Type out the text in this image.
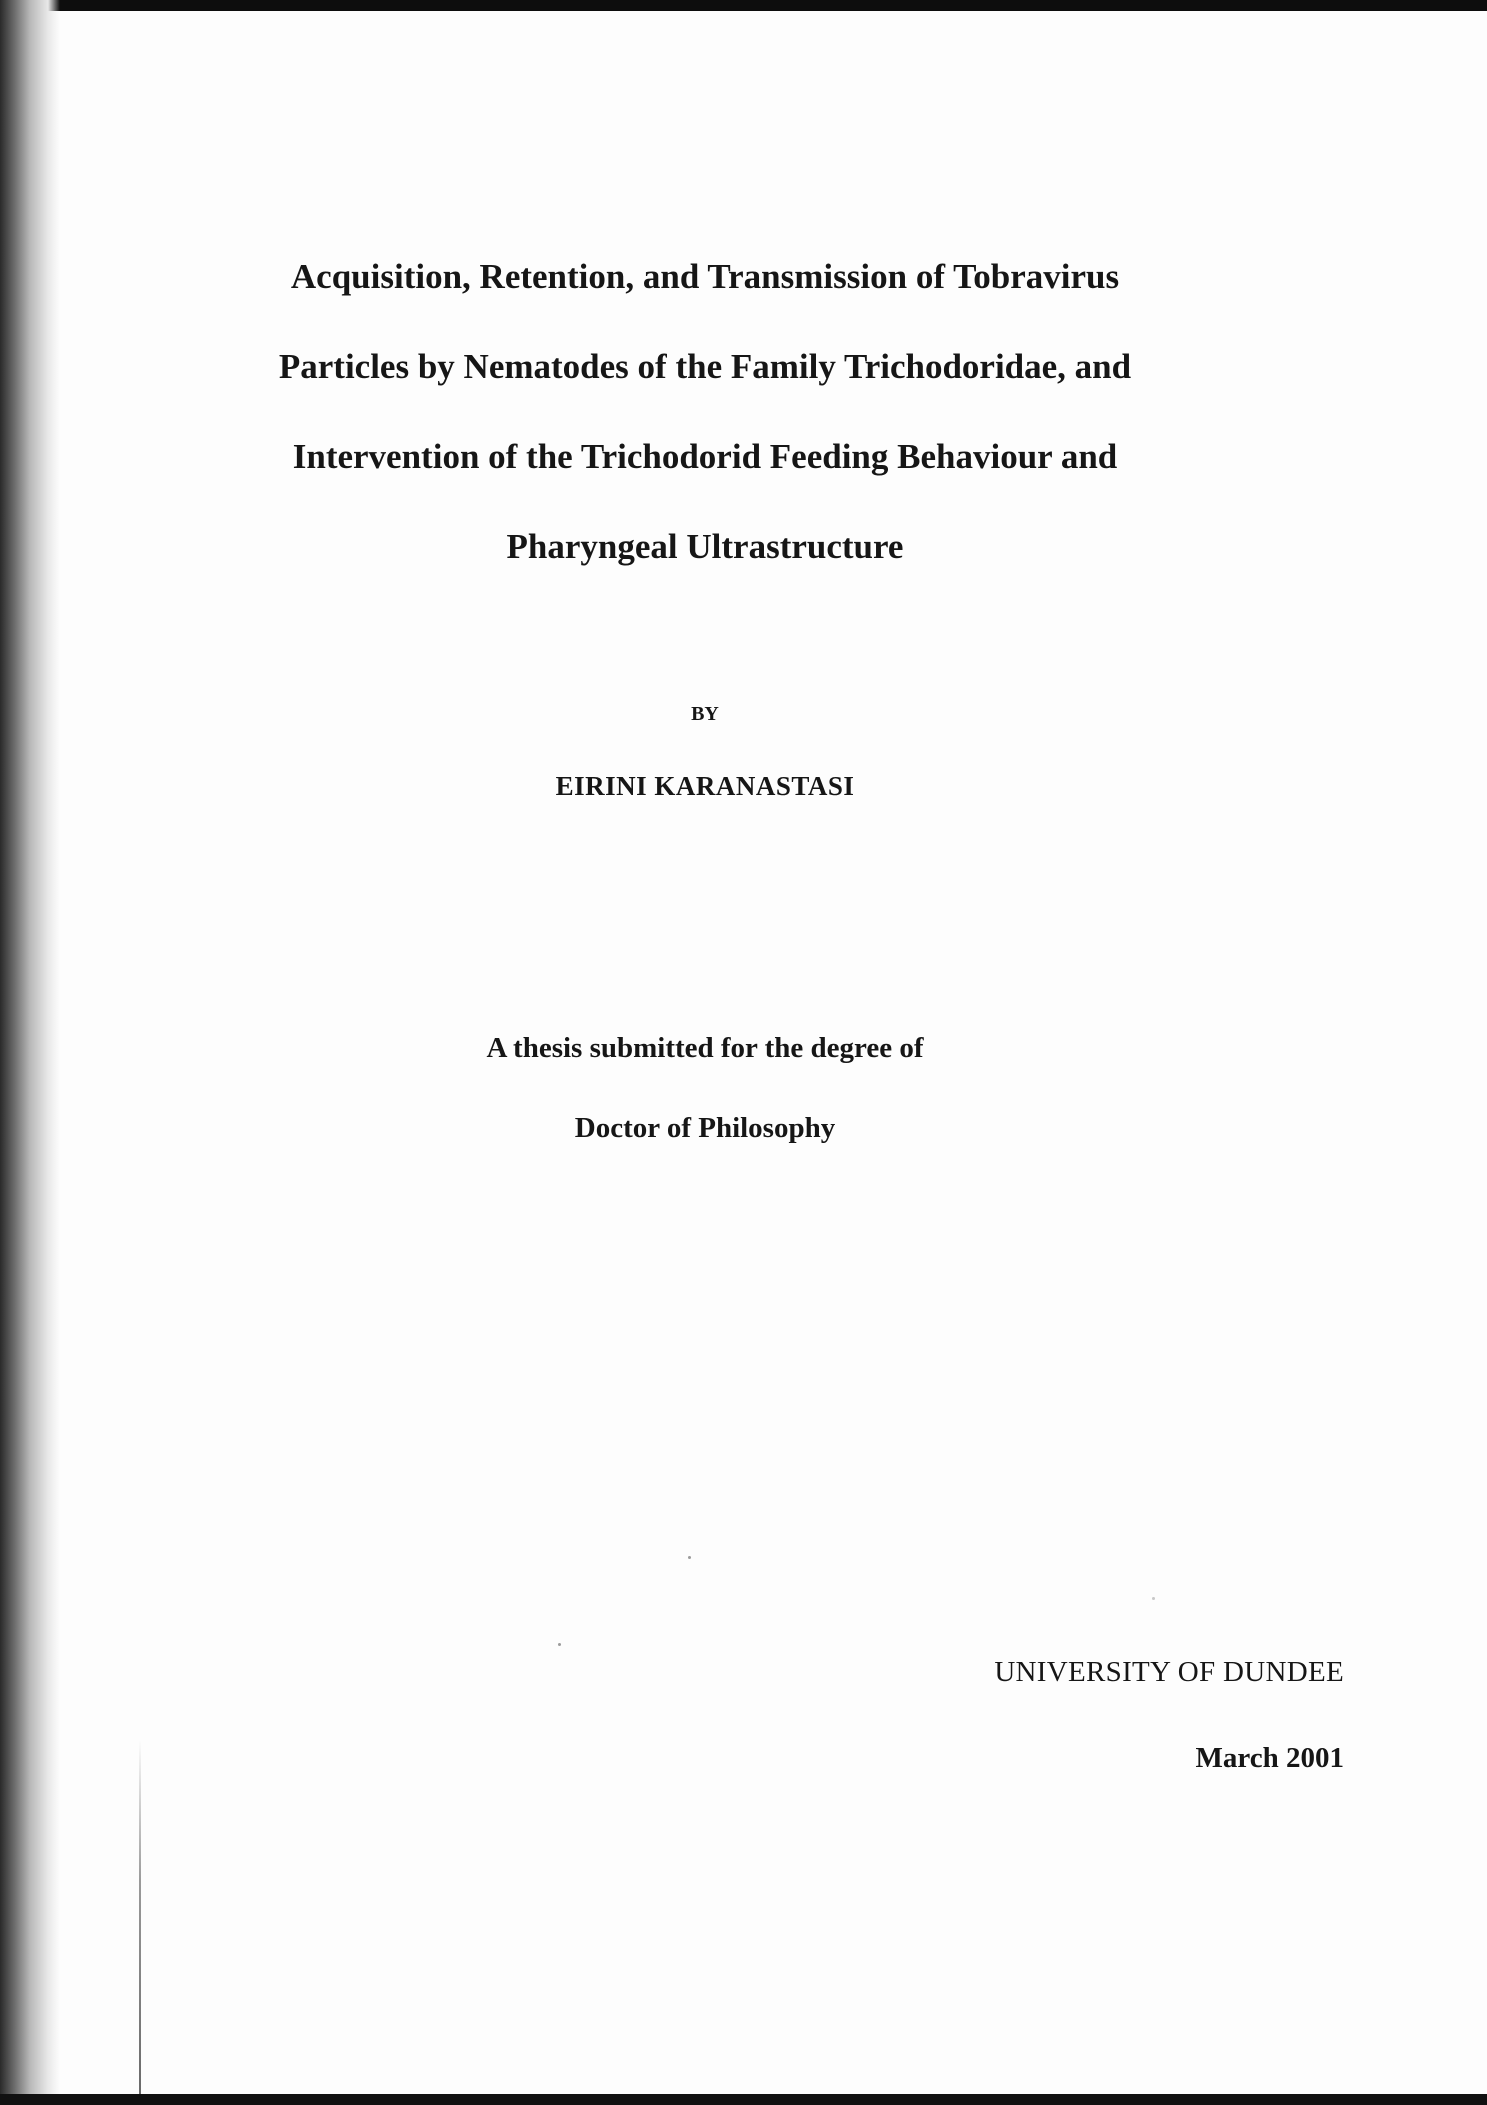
Acquisition, Retention, and Transmission of Tobravirus
Particles by Nematodes of the Family Trichodoridae, and
Intervention of the Trichodorid Feeding Behaviour and
Pharyngeal Ultrastructure
BY
EIRINI KARANASTASI
A thesis submitted for the degree of
Doctor of Philosophy
UNIVERSITY OF DUNDEE
March 2001
